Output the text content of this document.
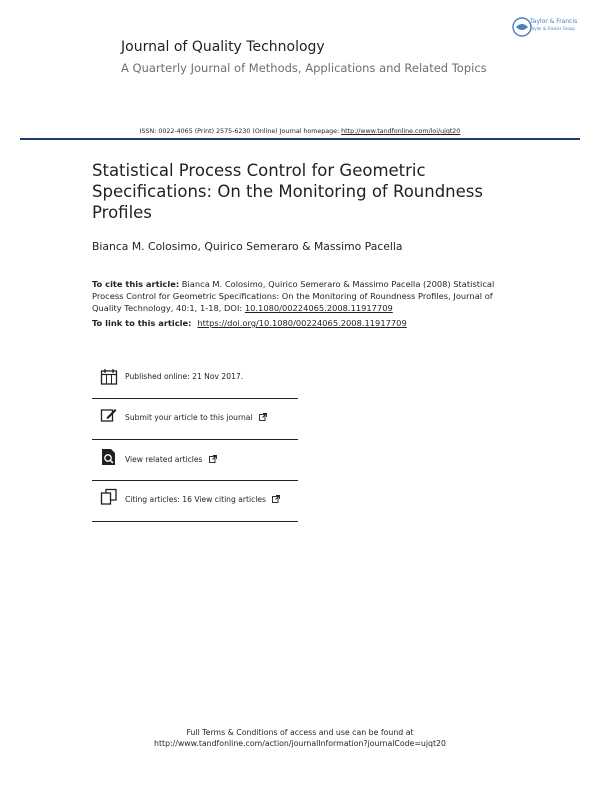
Taylor & Francis
Taylor & Francis Group
Journal of Quality Technology
A Quarterly Journal of Methods, Applications and Related Topics
ISSN: 0022-4065 (Print) 2575-6230 (Online) Journal homepage: http://www.tandfonline.com/loi/ujqt20
Statistical Process Control for Geometric Specifications: On the Monitoring of Roundness Profiles
Bianca M. Colosimo, Quirico Semeraro & Massimo Pacella
To cite this article: Bianca M. Colosimo, Quirico Semeraro & Massimo Pacella (2008) Statistical Process Control for Geometric Specifications: On the Monitoring of Roundness Profiles, Journal of Quality Technology, 40:1, 1-18, DOI: 10.1080/00224065.2008.11917709
To link to this article: https://doi.org/10.1080/00224065.2008.11917709
Published online: 21 Nov 2017.
Submit your article to this journal
View related articles
Citing articles: 16 View citing articles
Full Terms & Conditions of access and use can be found at
http://www.tandfonline.com/action/journalInformation?journalCode=ujqt20
